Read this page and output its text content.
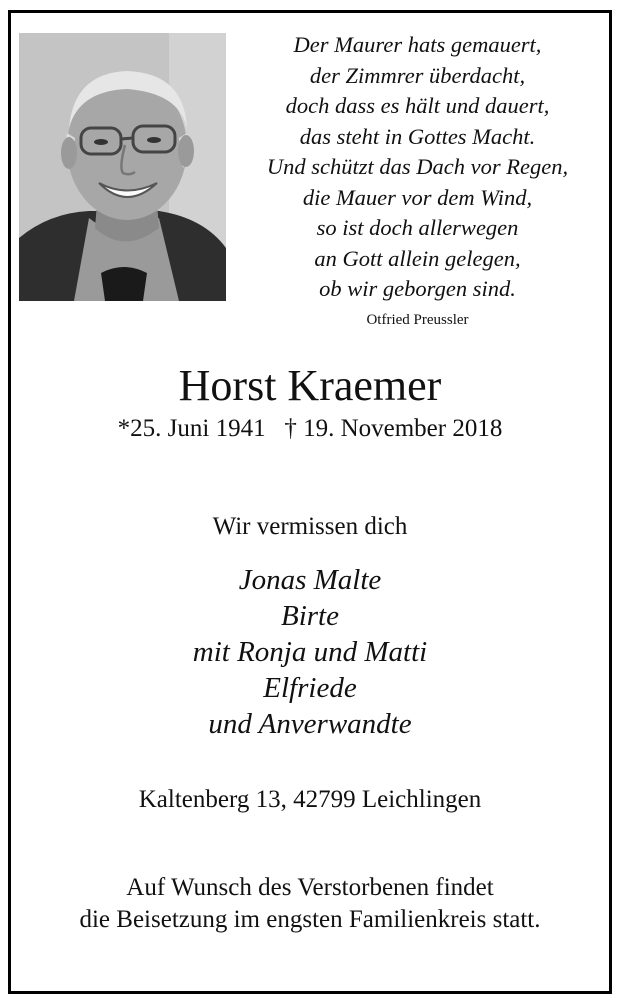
Der Maurer hats gemauert,
der Zimmrer überdacht,
doch dass es hält und dauert,
das steht in Gottes Macht.
Und schützt das Dach vor Regen,
die Mauer vor dem Wind,
so ist doch allerwegen
an Gott allein gelegen,
ob wir geborgen sind.
Otfried Preussler
Horst Kraemer
*25. Juni 1941   † 19. November 2018
Wir vermissen dich
Jonas Malte
Birte
mit Ronja und Matti
Elfriede
und Anverwandte
Kaltenberg 13, 42799 Leichlingen
Auf Wunsch des Verstorbenen findet
die Beisetzung im engsten Familienkreis statt.
